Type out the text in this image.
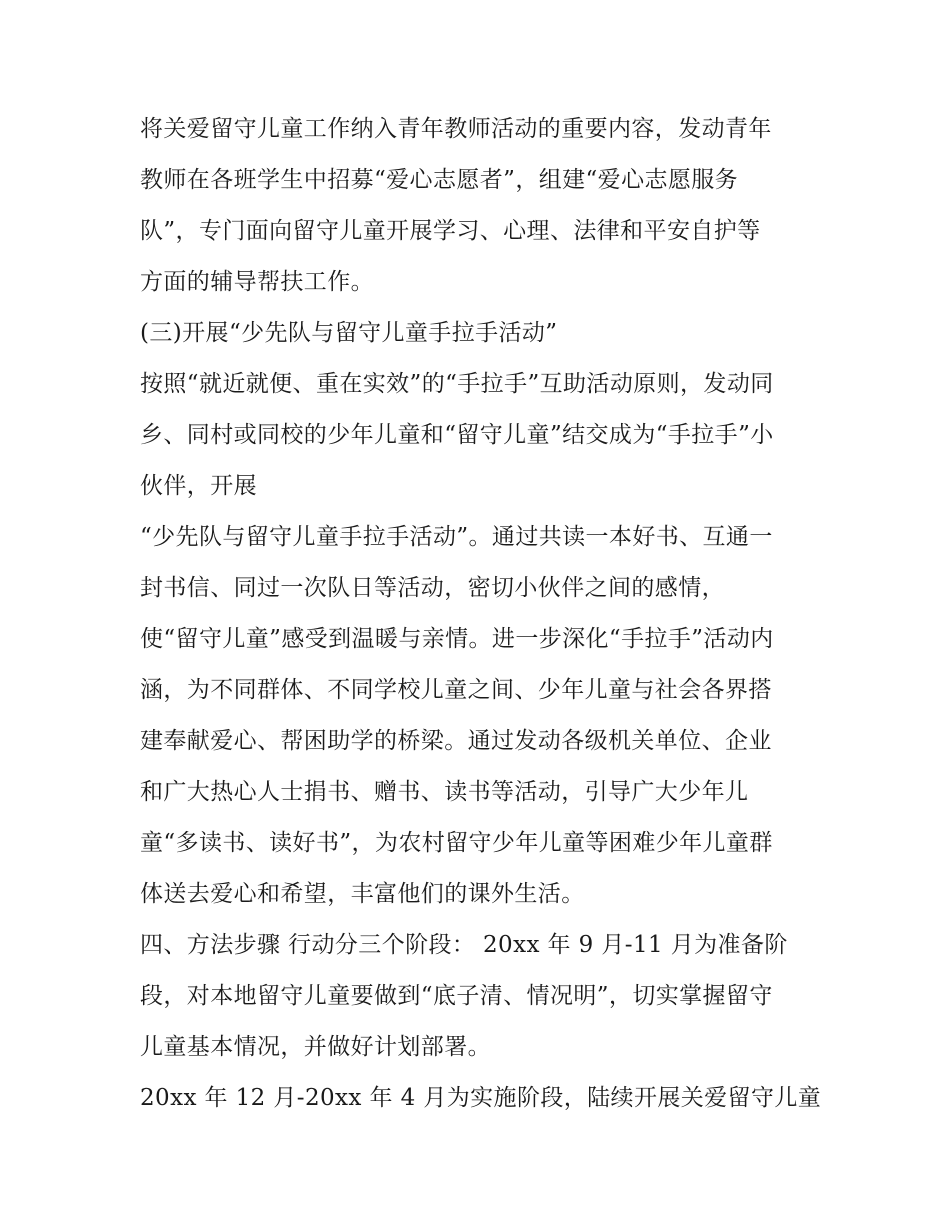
将关爱留守儿童工作纳入青年教师活动的重要内容，发动青年
教师在各班学生中招募“爱心志愿者”，组建“爱心志愿服务
队”，专门面向留守儿童开展学习、心理、法律和平安自护等
方面的辅导帮扶工作。
(三)开展“少先队与留守儿童手拉手活动”
按照“就近就便、重在实效”的“手拉手”互助活动原则，发动同
乡、同村或同校的少年儿童和“留守儿童”结交成为“手拉手”小
伙伴，开展
“少先队与留守儿童手拉手活动”。通过共读一本好书、互通一
封书信、同过一次队日等活动，密切小伙伴之间的感情，
使“留守儿童”感受到温暖与亲情。进一步深化“手拉手”活动内
涵，为不同群体、不同学校儿童之间、少年儿童与社会各界搭
建奉献爱心、帮困助学的桥梁。通过发动各级机关单位、企业
和广大热心人士捐书、赠书、读书等活动，引导广大少年儿
童“多读书、读好书”，为农村留守少年儿童等困难少年儿童群
体送去爱心和希望，丰富他们的课外生活。
四、方法步骤 行动分三个阶段： 20xx 年 9 月-11 月为准备阶
段，对本地留守儿童要做到“底子清、情况明”，切实掌握留守
儿童基本情况，并做好计划部署。
20xx 年 12 月-20xx 年 4 月为实施阶段，陆续开展关爱留守儿童
